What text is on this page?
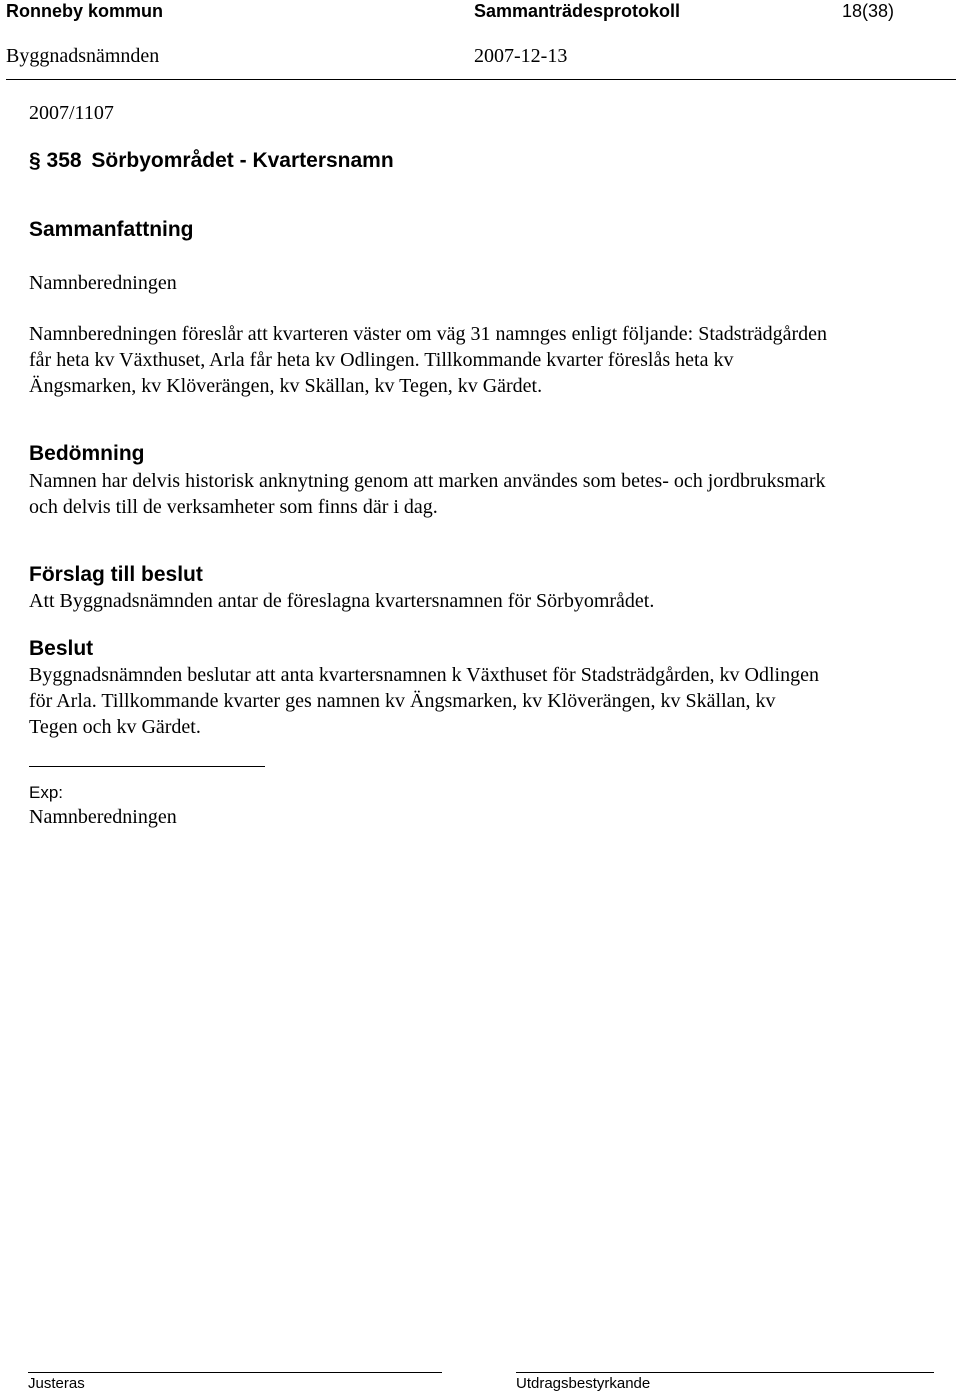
Ronneby kommun	Sammanträdesprotokoll	18(38)
Byggnadsnämnden	2007-12-13
2007/1107
§ 358 Sörbyområdet - Kvartersnamn
Sammanfattning
Namnberedningen
Namnberedningen föreslår att kvarteren väster om väg 31 namnges enligt följande: Stadsträdgården
får heta kv Växthuset, Arla får heta kv Odlingen. Tillkommande kvarter föreslås heta kv
Ängsmarken, kv Klöverängen, kv Skällan, kv Tegen, kv Gärdet.
Bedömning
Namnen har delvis historisk anknytning genom att marken användes som betes- och jordbruksmark
och delvis till de verksamheter som finns där i dag.
Förslag till beslut
Att Byggnadsnämnden antar de föreslagna kvartersnamnen för Sörbyområdet.
Beslut
Byggnadsnämnden beslutar att anta kvartersnamnen k Växthuset för Stadsträdgården, kv Odlingen
för Arla. Tillkommande kvarter ges namnen kv Ängsmarken, kv Klöverängen, kv Skällan, kv
Tegen och kv Gärdet.
Exp:
Namnberedningen
Justeras	Utdragsbestyrkande
